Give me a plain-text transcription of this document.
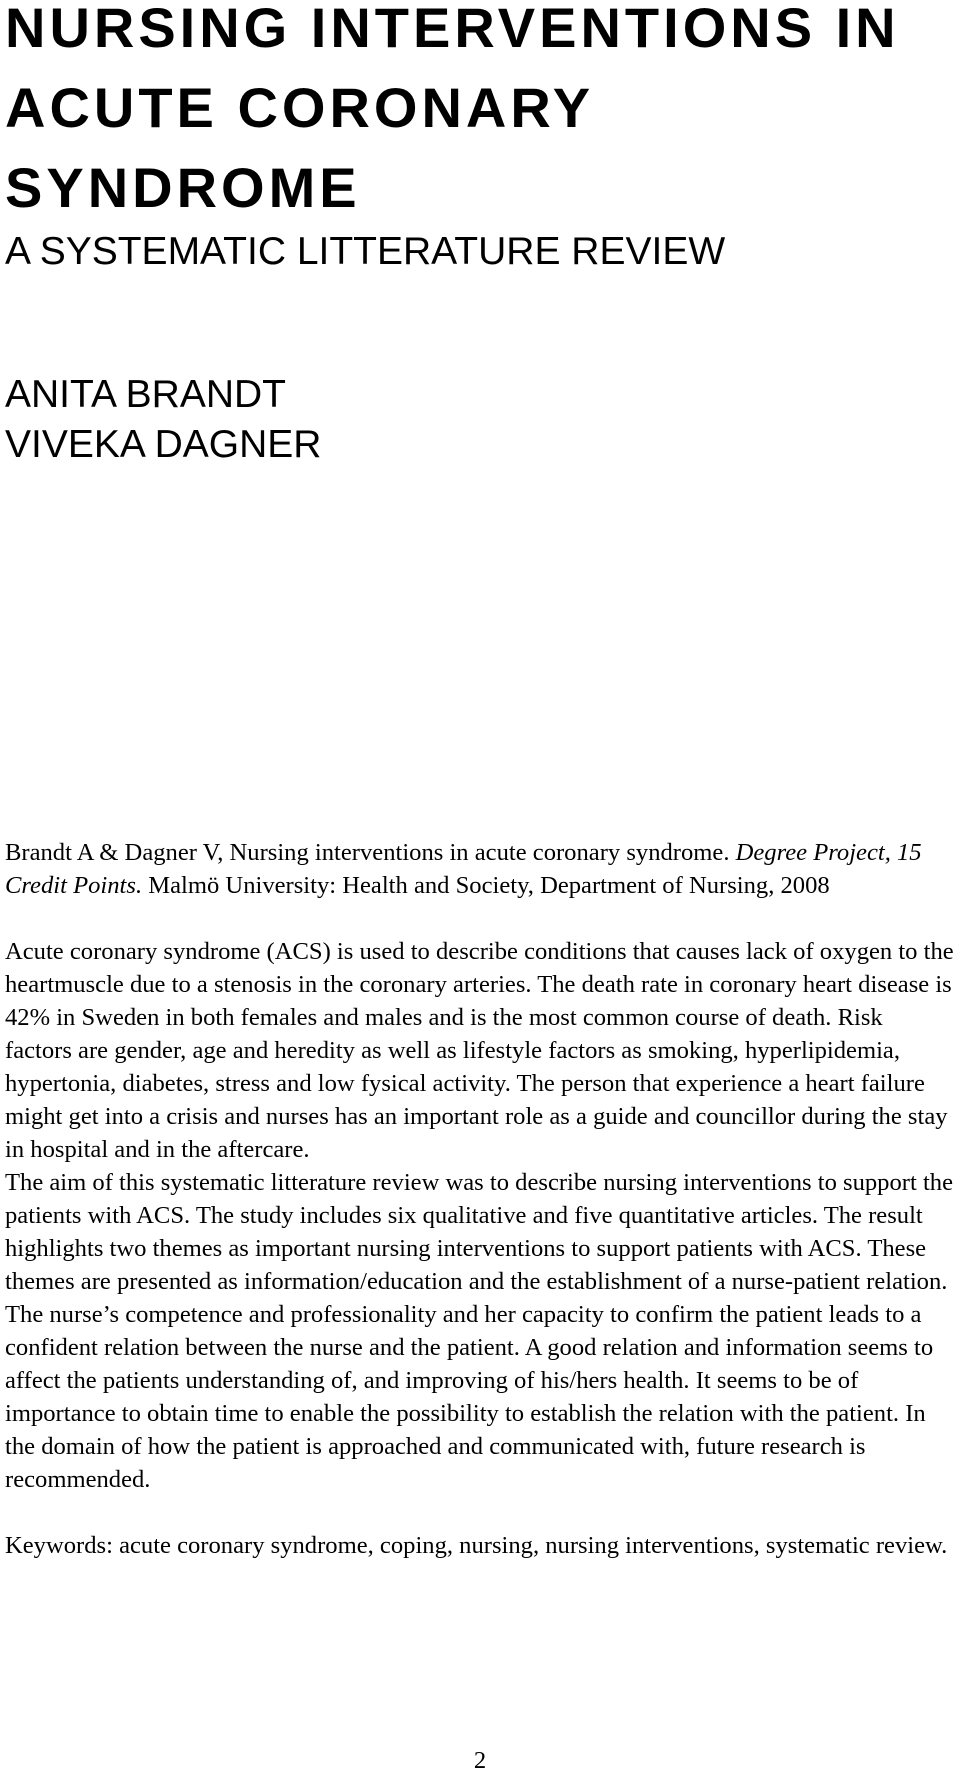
NURSING INTERVENTIONS IN
ACUTE CORONARY
SYNDROME
A SYSTEMATIC LITTERATURE REVIEW
ANITA BRANDT
VIVEKA DAGNER

Brandt A & Dagner V, Nursing interventions in acute coronary syndrome. Degree Project, 15 Credit Points. Malmö University: Health and Society, Department of Nursing, 2008

Acute coronary syndrome (ACS) is used to describe conditions that causes lack of oxygen to the heartmuscle due to a stenosis in the coronary arteries. The death rate in coronary heart disease is 42% in Sweden in both females and males and is the most common course of death. Risk factors are gender, age and heredity as well as lifestyle factors as smoking, hyperlipidemia, hypertonia, diabetes, stress and low fysical activity. The person that experience a heart failure might get into a crisis and nurses has an important role as a guide and councillor during the stay in hospital and in the aftercare.

The aim of this systematic litterature review was to describe nursing interventions to support the patients with ACS. The study includes six qualitative and five quantitative articles. The result highlights two themes as important nursing interventions to support patients with ACS. These themes are presented as information/education and the establishment of a nurse-patient relation. The nurse’s competence and professionality and her capacity to confirm the patient leads to a confident relation between the nurse and the patient. A good relation and information seems to affect the patients understanding of, and improving of his/hers health. It seems to be of importance to obtain time to enable the possibility to establish the relation with the patient. In the domain of how the patient is approached and communicated with, future research is recommended.

Keywords: acute coronary syndrome, coping, nursing, nursing interventions, systematic review.

2
